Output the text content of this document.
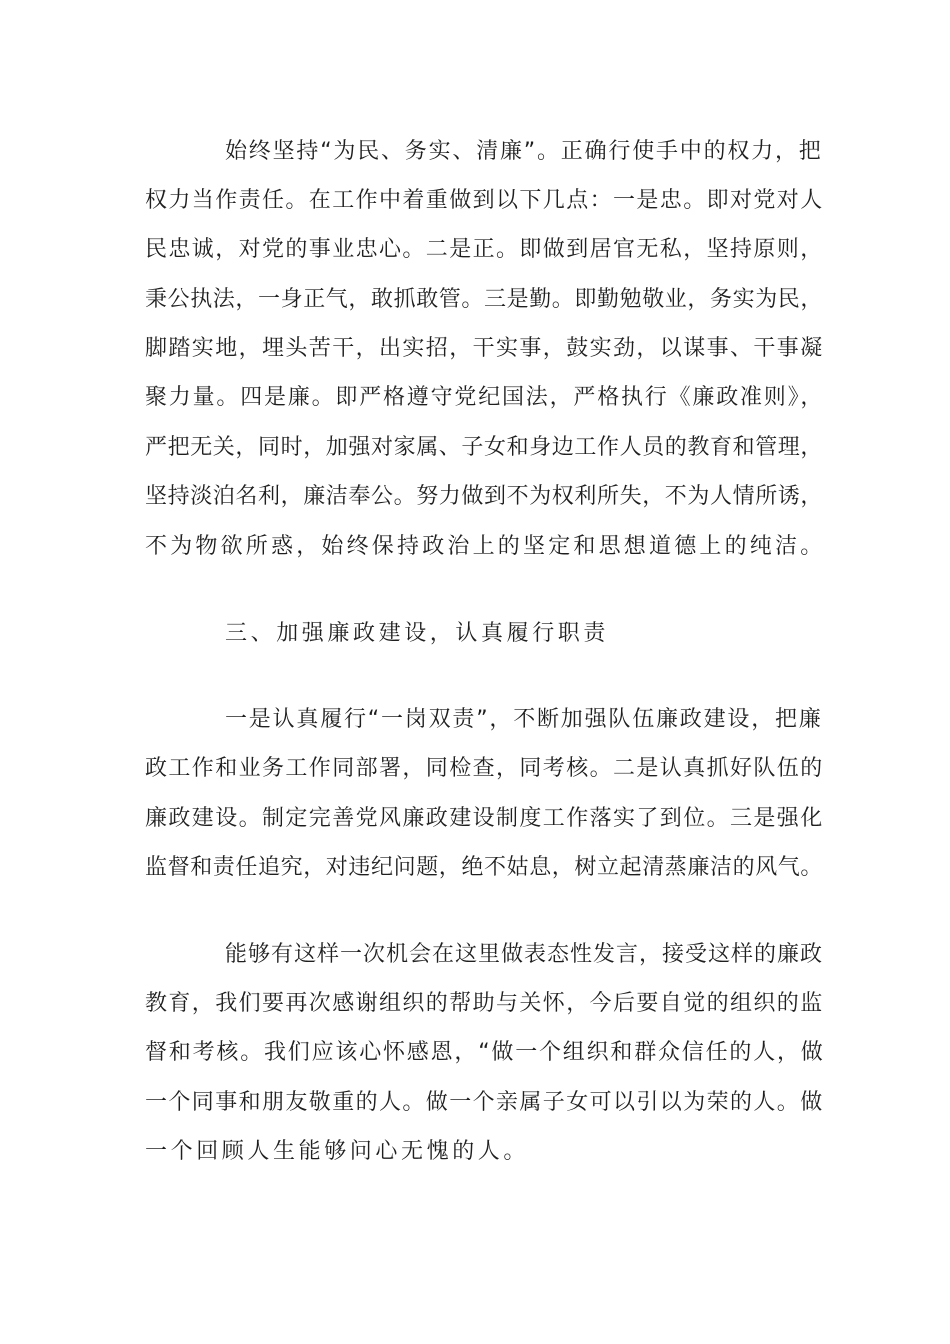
始终坚持“为民、务实、清廉”。正确行使手中的权力，把
权力当作责任。在工作中着重做到以下几点：一是忠。即对党对人
民忠诚，对党的事业忠心。二是正。即做到居官无私，坚持原则，
秉公执法，一身正气，敢抓敢管。三是勤。即勤勉敬业，务实为民，
脚踏实地，埋头苦干，出实招，干实事，鼓实劲，以谋事、干事凝
聚力量。四是廉。即严格遵守党纪国法，严格执行《廉政准则》，
严把无关，同时，加强对家属、子女和身边工作人员的教育和管理，
坚持淡泊名利，廉洁奉公。努力做到不为权利所失，不为人情所诱，
不为物欲所惑，始终保持政治上的坚定和思想道德上的纯洁。
三、加强廉政建设，认真履行职责
一是认真履行“一岗双责”，不断加强队伍廉政建设，把廉
政工作和业务工作同部署，同检查，同考核。二是认真抓好队伍的
廉政建设。制定完善党风廉政建设制度工作落实了到位。三是强化
监督和责任追究，对违纪问题，绝不姑息，树立起清蒸廉洁的风气。
能够有这样一次机会在这里做表态性发言，接受这样的廉政
教育，我们要再次感谢组织的帮助与关怀，今后要自觉的组织的监
督和考核。我们应该心怀感恩，“做一个组织和群众信任的人，做
一个同事和朋友敬重的人。做一个亲属子女可以引以为荣的人。做
一个回顾人生能够问心无愧的人。
